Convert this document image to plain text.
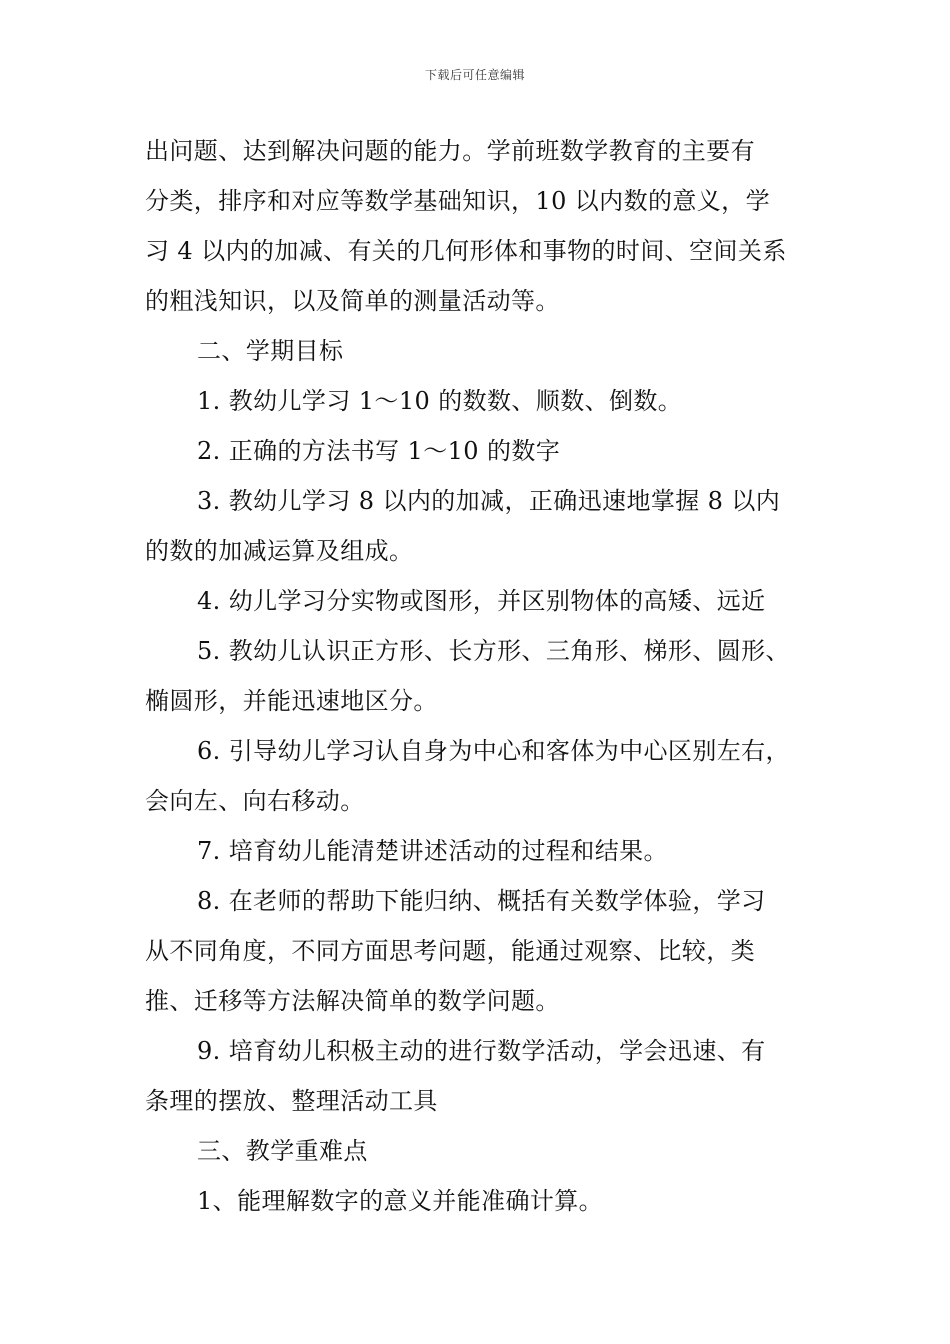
下载后可任意编辑
出问题、达到解决问题的能力。学前班数学教育的主要有
分类，排序和对应等数学基础知识，10 以内数的意义，学
习 4 以内的加减、有关的几何形体和事物的时间、空间关系
的粗浅知识，以及简单的测量活动等。
二、学期目标
1. 教幼儿学习 1～10 的数数、顺数、倒数。
2. 正确的方法书写 1～10 的数字
3. 教幼儿学习 8 以内的加减，正确迅速地掌握 8 以内
的数的加减运算及组成。
4. 幼儿学习分实物或图形，并区别物体的高矮、远近
5. 教幼儿认识正方形、长方形、三角形、梯形、圆形、
椭圆形，并能迅速地区分。
6. 引导幼儿学习认自身为中心和客体为中心区别左右，
会向左、向右移动。
7. 培育幼儿能清楚讲述活动的过程和结果。
8. 在老师的帮助下能归纳、概括有关数学体验，学习
从不同角度，不同方面思考问题，能通过观察、比较，类
推、迁移等方法解决简单的数学问题。
9. 培育幼儿积极主动的进行数学活动，学会迅速、有
条理的摆放、整理活动工具
三、教学重难点
1、能理解数字的意义并能准确计算。
